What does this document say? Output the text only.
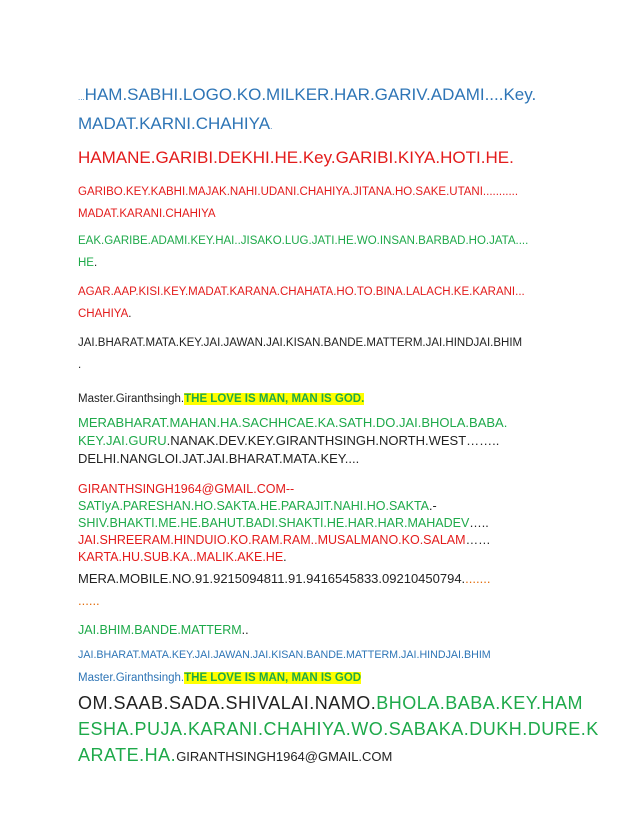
...HAM.SABHI.LOGO.KO.MILKER.HAR.GARIV.ADAMI....Key.
MADAT.KARNI.CHAHIYA.
HAMANE.GARIBI.DEKHI.HE.Key.GARIBI.KIYA.HOTI.HE.
GARIBO.KEY.KABHI.MAJAK.NAHI.UDANI.CHAHIYA.JITANA.HO.SAKE.UTANI...........
MADAT.KARANI.CHAHIYA
EAK.GARIBE.ADAMI.KEY.HAI..JISAKO.LUG.JATI.HE.WO.INSAN.BARBAD.HO.JATA....
HE.
AGAR.AAP.KISI.KEY.MADAT.KARANA.CHAHATA.HO.TO.BINA.LALACH.KE.KARANI...
CHAHIYA.
JAI.BHARAT.MATA.KEY.JAI.JAWAN.JAI.KISAN.BANDE.MATTERM.JAI.HINDJAI.BHIM
.
Master.Giranthsingh.THE LOVE IS MAN, MAN IS GOD.
MERABHARAT.MAHAN.HA.SACHHCAE.KA.SATH.DO.JAI.BHOLA.BABA.
KEY.JAI.GURU.NANAK.DEV.KEY.GIRANTHSINGH.NORTH.WEST……..
DELHI.NANGLOI.JAT.JAI.BHARAT.MATA.KEY....
GIRANTHSINGH1964@GMAIL.COM--
SATIyA.PARESHAN.HO.SAKTA.HE.PARAJIT.NAHI.HO.SAKTA.-
SHIV.BHAKTI.ME.HE.BAHUT.BADI.SHAKTI.HE.HAR.HAR.MAHADEV…..
JAI.SHREERAM.HINDUIO.KO.RAM.RAM..MUSALMANO.KO.SALAM……
KARTA.HU.SUB.KA..MALIK.AKE.HE.
MERA.MOBILE.NO.91.9215094811.91.9416545833.09210450794........
......
JAI.BHIM.BANDE.MATTERM..
JAI.BHARAT.MATA.KEY.JAI.JAWAN.JAI.KISAN.BANDE.MATTERM.JAI.HINDJAI.BHIM
Master.Giranthsingh.THE LOVE IS MAN, MAN IS GOD
OM.SAAB.SADA.SHIVALAI.NAMO.BHOLA.BABA.KEY.HAM
ESHA.PUJA.KARANI.CHAHIYA.WO.SABAKA.DUKH.DURE.K
ARATE.HA.GIRANTHSINGH1964@GMAIL.COM
